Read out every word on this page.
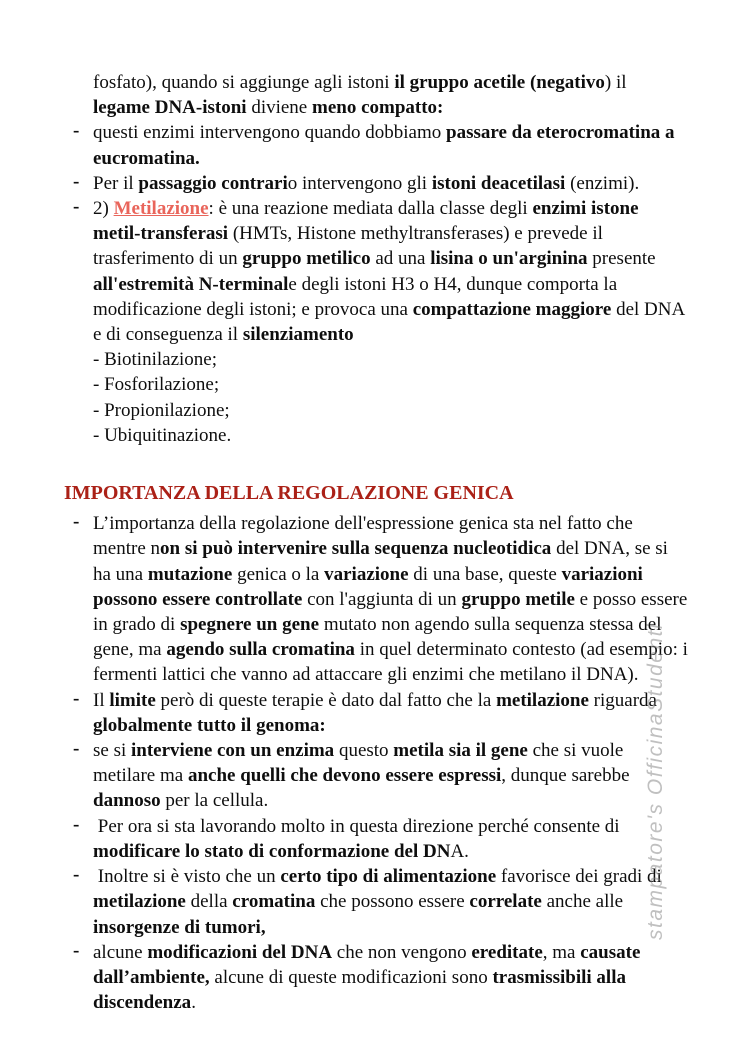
fosfato), quando si aggiunge agli istoni il gruppo acetile (negativo) il legame DNA-istoni diviene meno compatto:
- questi enzimi intervengono quando dobbiamo passare da eterocromatina a eucromatina.
- Per il passaggio contrario intervengono gli istoni deacetilasi (enzimi).
- 2) Metilazione: è una reazione mediata dalla classe degli enzimi istone metil-transferasi (HMTs, Histone methyltransferases) e prevede il trasferimento di un gruppo metilico ad una lisina o un'arginina presente all'estremità N-terminale degli istoni H3 o H4, dunque comporta la modificazione degli istoni; e provoca una compattazione maggiore del DNA e di conseguenza il silenziamento
- Biotinilazione;
- Fosforilazione;
- Propionilazione;
- Ubiquitinazione.
IMPORTANZA DELLA REGOLAZIONE GENICA
- L’importanza della regolazione dell'espressione genica sta nel fatto che mentre non si può intervenire sulla sequenza nucleotidica del DNA, se si ha una mutazione genica o la variazione di una base, queste variazioni possono essere controllate con l'aggiunta di un gruppo metile e posso essere in grado di spegnere un gene mutato non agendo sulla sequenza stessa del gene, ma agendo sulla cromatina in quel determinato contesto (ad esempio: i fermenti lattici che vanno ad attaccare gli enzimi che metilano il DNA).
- Il limite però di queste terapie è dato dal fatto che la metilazione riguarda globalmente tutto il genoma:
- se si interviene con un enzima questo metila sia il gene che si vuole metilare ma anche quelli che devono essere espressi, dunque sarebbe dannoso per la cellula.
- Per ora si sta lavorando molto in questa direzione perché consente di modificare lo stato di conformazione del DNA.
- Inoltre si è visto che un certo tipo di alimentazione favorisce dei gradi di metilazione della cromatina che possono essere correlate anche alle insorgenze di tumori,
- alcune modificazioni del DNA che non vengono ereditate, ma causate dall’ambiente, alcune di queste modificazioni sono trasmissibili alla discendenza.
stampatore's OfficinaStudenti
